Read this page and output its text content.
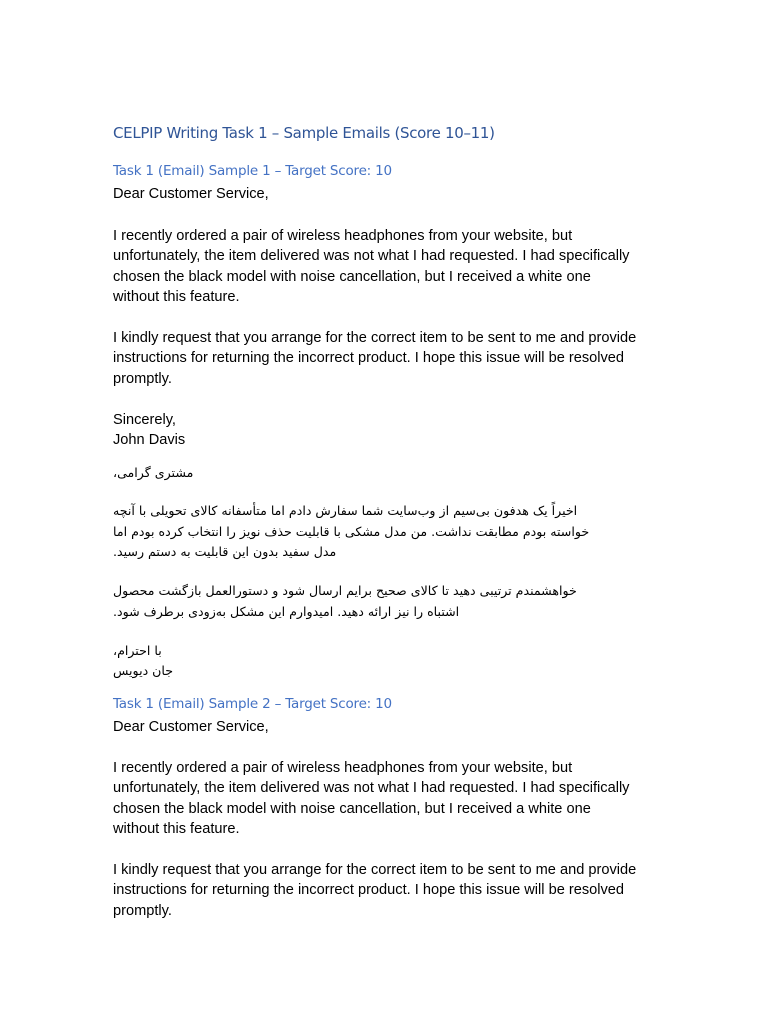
CELPIP Writing Task 1 – Sample Emails (Score 10–11)
Task 1 (Email) Sample 1 – Target Score: 10

Dear Customer Service,

I recently ordered a pair of wireless headphones from your website, but
unfortunately, the item delivered was not what I had requested. I had specifically
chosen the black model with noise cancellation, but I received a white one
without this feature.

I kindly request that you arrange for the correct item to be sent to me and provide
instructions for returning the incorrect product. I hope this issue will be resolved
promptly.

Sincerely,

John Davis

مشتری گرامی،

اخیراً یک هدفون بی‌سیم از وب‌سایت شما سفارش دادم اما متأسفانه کالای تحویلی با آنچه
خواسته بودم مطابقت نداشت. من مدل مشکی با قابلیت حذف نویز را انتخاب کرده بودم اما
مدل سفید بدون این قابلیت به دستم رسید.

خواهشمندم ترتیبی دهید تا کالای صحیح برایم ارسال شود و دستورالعمل بازگشت محصول
اشتباه را نیز ارائه دهید. امیدوارم این مشکل به‌زودی برطرف شود.

با احترام،

جان دیویس

Task 1 (Email) Sample 2 – Target Score: 10

Dear Customer Service,

I recently ordered a pair of wireless headphones from your website, but
unfortunately, the item delivered was not what I had requested. I had specifically
chosen the black model with noise cancellation, but I received a white one
without this feature.

I kindly request that you arrange for the correct item to be sent to me and provide
instructions for returning the incorrect product. I hope this issue will be resolved
promptly.
